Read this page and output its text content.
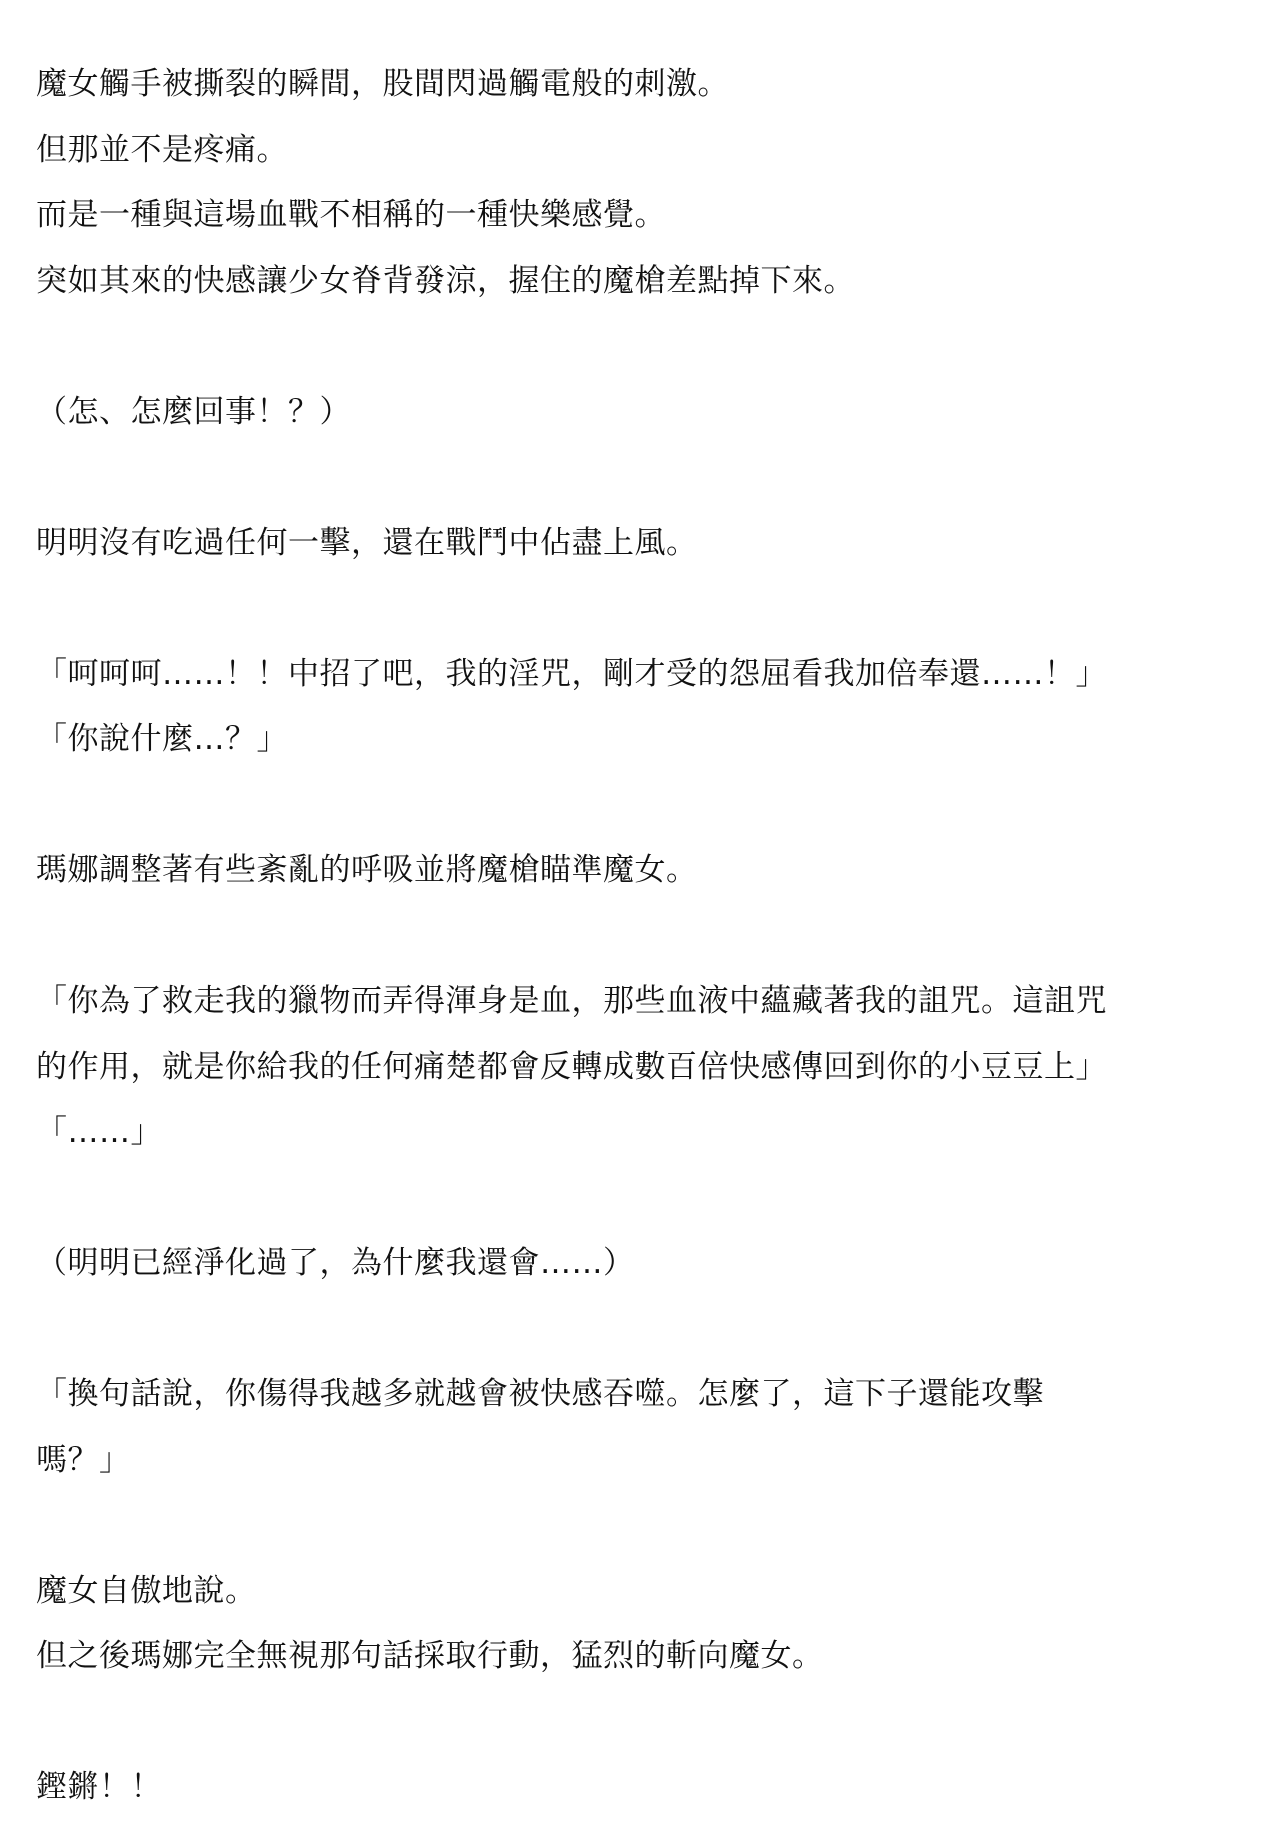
魔女觸手被撕裂的瞬間，股間閃過觸電般的刺激。
但那並不是疼痛。
而是一種與這場血戰不相稱的一種快樂感覺。
突如其來的快感讓少女脊背發涼，握住的魔槍差點掉下來。
（怎、怎麼回事！？）
明明沒有吃過任何一擊，還在戰鬥中佔盡上風。
「呵呵呵……！！中招了吧，我的淫咒，剛才受的怨屈看我加倍奉還……！」
「你說什麼…？」
瑪娜調整著有些紊亂的呼吸並將魔槍瞄準魔女。
「你為了救走我的獵物而弄得渾身是血，那些血液中蘊藏著我的詛咒。這詛咒
的作用，就是你給我的任何痛楚都會反轉成數百倍快感傳回到你的小豆豆上」
「……」
（明明已經淨化過了，為什麼我還會……）
「換句話說，你傷得我越多就越會被快感吞噬。怎麼了，這下子還能攻擊
嗎？」
魔女自傲地說。
但之後瑪娜完全無視那句話採取行動，猛烈的斬向魔女。
鏗鏘！！
